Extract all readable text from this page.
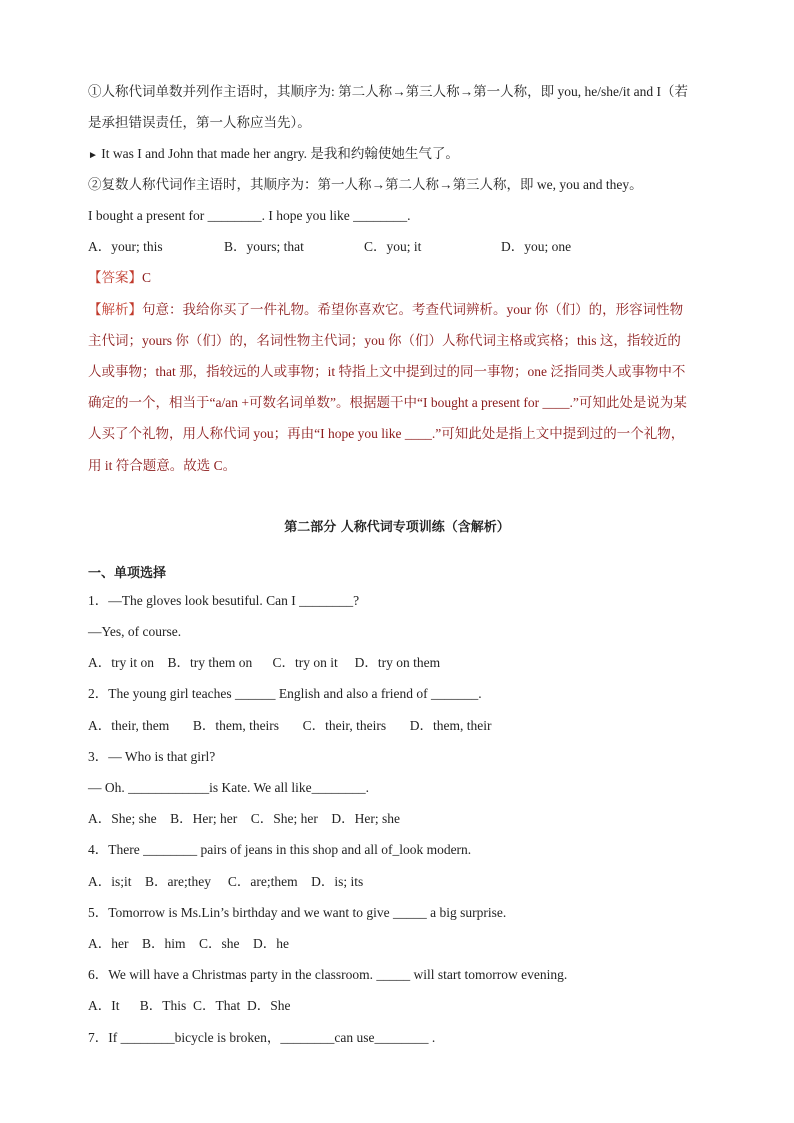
①人称代词单数并列作主语时，其顺序为: 第二人称→第三人称→第一人称，即 you, he/she/it and I（若
是承担错误责任，第一人称应当先）。
► It was I and John that made her angry. 是我和约翰使她生气了。
②复数人称代词作主语时，其顺序为：第一人称→第二人称→第三人称，即 we, you and they。
I bought a present for ________. I hope you like ________.
A．your; this	B．yours; that	C．you; it	D．you; one
【答案】C
【解析】句意：我给你买了一件礼物。希望你喜欢它。考查代词辨析。your 你（们）的，形容词性物
主代词；yours 你（们）的，名词性物主代词；you 你（们）人称代词主格或宾格；this 这，指较近的
人或事物；that 那，指较远的人或事物；it 特指上文中提到过的同一事物；one 泛指同类人或事物中不
确定的一个，相当于“a/an +可数名词单数”。根据题干中“I bought a present for ____.”可知此处是说为某
人买了个礼物，用人称代词 you；再由“I hope you like ____.”可知此处是指上文中提到过的一个礼物，
用 it 符合题意。故选 C。
第二部分 人称代词专项训练（含解析）
一、单项选择
1．—The gloves look besutiful. Can I ________?
—Yes, of course.
A．try it on    B．try them on      C．try on it     D．try on them
2．The young girl teaches ______ English and also a friend of _______.
A．their, them       B．them, theirs       C．their, theirs       D．them, their
3．— Who is that girl?
— Oh. ____________is Kate. We all like________.
A．She; she    B．Her; her    C．She; her    D．Her; she
4．There ________ pairs of jeans in this shop and all of_look modern.
A．is;it    B．are;they     C．are;them    D．is; its
5．Tomorrow is Ms.Lin’s birthday and we want to give _____ a big surprise.
A．her    B．him    C．she    D．he
6．We will have a Christmas party in the classroom. _____ will start tomorrow evening.
A．It      B．This  C．That  D．She
7．If ________bicycle is broken，________can use________ .
